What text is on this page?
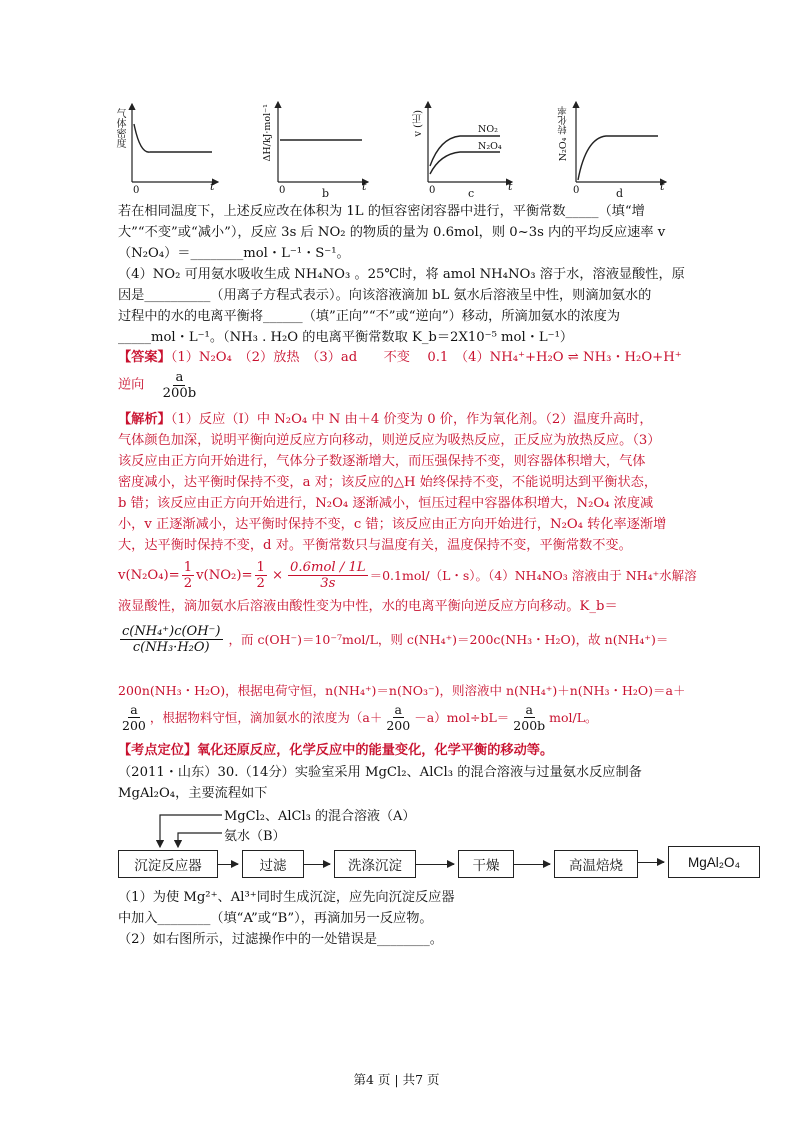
气体密度
0	t
ΔH/kJ·mol⁻¹
0	t
b
v (正)
0	t
c
NO₂
N₂O₄	N₂O₄ 转化率
0	t
d
若在相同温度下，上述反应改在体积为 1L 的恒容密闭容器中进行，平衡常数_____（填“增
大”“不变”或“减小”），反应 3s 后 NO₂ 的物质的量为 0.6mol，则 0~3s 内的平均反应速率 v
（N₂O₄）＝________mol・L⁻¹・S⁻¹。
（4）NO₂ 可用氨水吸收生成 NH₄NO₃ 。25℃时，将 amol NH₄NO₃ 溶于水，溶液显酸性，原
因是__________（用离子方程式表示）。向该溶液滴加 bL 氨水后溶液呈中性，则滴加氨水的
过程中的水的电离平衡将______（填”正向”“不”或“逆向”）移动，所滴加氨水的浓度为
_____mol・L⁻¹。（NH₃ . H₂O 的电离平衡常数取 K_b＝2X10⁻⁵ mol・L⁻¹）
【答案】（1）N₂O₄　（2）放热　（3）ad　　不变　 0.1　（4）NH₄⁺+H₂O ⇌ NH₃・H₂O+H⁺
逆向 $\frac{a}{200b}$
【解析】（1）反应（Ⅰ）中 N₂O₄ 中 N 由＋4 价变为 0 价，作为氧化剂。（2）温度升高时，
气体颜色加深，说明平衡向逆反应方向移动，则逆反应为吸热反应，正反应为放热反应。（3）
该反应由正方向开始进行，气体分子数逐渐增大，而压强保持不变，则容器体积增大，气体
密度减小，达平衡时保持不变，a 对；该反应的△H 始终保持不变，不能说明达到平衡状态，
b 错；该反应由正方向开始进行，N₂O₄ 逐渐减小，恒压过程中容器体积增大，N₂O₄ 浓度减
小，v 正逐渐减小，达平衡时保持不变，c 错；该反应由正方向开始进行，N₂O₄ 转化率逐渐增
大，达平衡时保持不变，d 对。平衡常数只与温度有关，温度保持不变，平衡常数不变。
$v(N_2O_4)= \frac{1}{2} v(NO_2)= \frac{1}{2} \times \frac{\text{0.6mol / 1L}}{3s} =0.1mol/(L$・s）。（4）NH₄NO₃ 溶液由于 NH₄⁺水解溶
液显酸性，滴加氨水后溶液由酸性变为中性，水的电离平衡向逆反应方向移动。K_b＝
$\frac{\text{c(NH₄⁺)c(OH⁻)}}{\text{c(NH₃·H₂O)}}$ ，而 c(OH⁻)＝10⁻⁷mol/L，则 c(NH₄⁺)＝200c(NH₃・H₂O)，故 n(NH₄⁺)＝
200n(NH₃・H₂O)，根据电荷守恒，n(NH₄⁺)＝n(NO₃⁻)，则溶液中 n(NH₄⁺)＋n(NH₃・H₂O)＝a＋
$\frac{a}{200}$ ，根据物料守恒，滴加氨水的浓度为$(a+ \frac{a}{200} -a)mol\div bL= \frac{a}{200b} mol/L$。
【考点定位】氧化还原反应，化学反应中的能量变化，化学平衡的移动等。
（2011・山东）30.（14分）实验室采用 MgCl₂、AlCl₃ 的混合溶液与过量氨水反应制备
MgAl₂O₄，主要流程如下
MgCl₂、AlCl₃ 的混合溶液（A）
氨水（B）
沉淀反应器	过滤	洗涤沉淀	干燥	高温焙烧	MgAl₂O₄
（1）为使 Mg²⁺、Al³⁺同时生成沉淀，应先向沉淀反应器
中加入________（填“A”或“B”），再滴加另一反应物。
（2）如右图所示，过滤操作中的一处错误是________。
第4 页 | 共7 页
